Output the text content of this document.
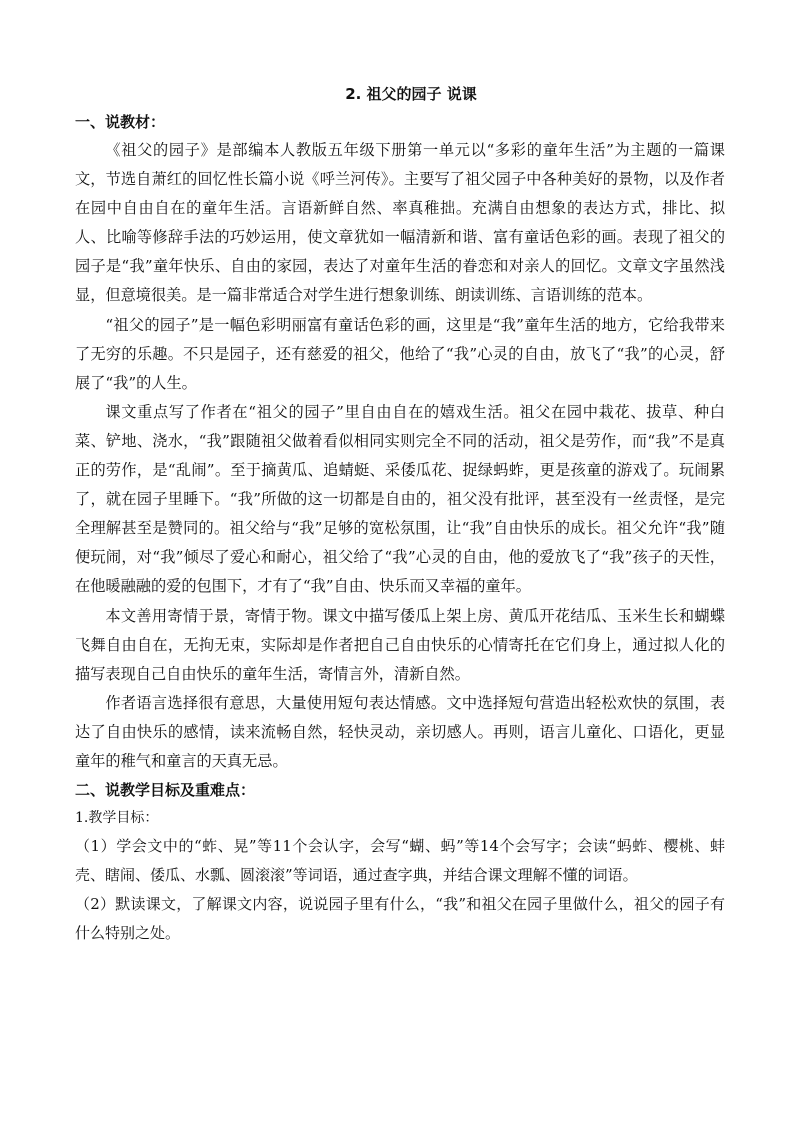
2. 祖父的园子 说课

一、说教材：

《祖父的园子》是部编本人教版五年级下册第一单元以“多彩的童年生活”为主题的一篇课文，节选自萧红的回忆性长篇小说《呼兰河传》。主要写了祖父园子中各种美好的景物，以及作者在园中自由自在的童年生活。言语新鲜自然、率真稚拙。充满自由想象的表达方式，排比、拟人、比喻等修辞手法的巧妙运用，使文章犹如一幅清新和谐、富有童话色彩的画。表现了祖父的园子是“我”童年快乐、自由的家园，表达了对童年生活的眷恋和对亲人的回忆。文章文字虽然浅显，但意境很美。是一篇非常适合对学生进行想象训练、朗读训练、言语训练的范本。

“祖父的园子”是一幅色彩明丽富有童话色彩的画，这里是“我”童年生活的地方，它给我带来了无穷的乐趣。不只是园子，还有慈爱的祖父，他给了“我”心灵的自由，放飞了“我”的心灵，舒展了“我”的人生。

课文重点写了作者在“祖父的园子”里自由自在的嬉戏生活。祖父在园中栽花、拔草、种白菜、铲地、浇水，“我”跟随祖父做着看似相同实则完全不同的活动，祖父是劳作，而“我”不是真正的劳作，是“乱闹”。至于摘黄瓜、追蜻蜓、采倭瓜花、捉绿蚂蚱，更是孩童的游戏了。玩闹累了，就在园子里睡下。“我”所做的这一切都是自由的，祖父没有批评，甚至没有一丝责怪，是完全理解甚至是赞同的。祖父给与“我”足够的宽松氛围，让“我”自由快乐的成长。祖父允许“我”随便玩闹，对“我”倾尽了爱心和耐心，祖父给了“我”心灵的自由，他的爱放飞了“我”孩子的天性，在他暖融融的爱的包围下，才有了“我”自由、快乐而又幸福的童年。

本文善用寄情于景，寄情于物。课文中描写倭瓜上架上房、黄瓜开花结瓜、玉米生长和蝴蝶飞舞自由自在，无拘无束，实际却是作者把自己自由快乐的心情寄托在它们身上，通过拟人化的描写表现自己自由快乐的童年生活，寄情言外，清新自然。

作者语言选择很有意思，大量使用短句表达情感。文中选择短句营造出轻松欢快的氛围，表达了自由快乐的感情，读来流畅自然，轻快灵动，亲切感人。再则，语言儿童化、口语化，更显童年的稚气和童言的天真无忌。

二、说教学目标及重难点：

1.教学目标：

（1）学会文中的“蚱、晃”等11个会认字，会写“蝴、蚂”等14个会写字；会读“蚂蚱、樱桃、蚌壳、瞎闹、倭瓜、水瓢、圆滚滚”等词语，通过查字典，并结合课文理解不懂的词语。

（2）默读课文，了解课文内容，说说园子里有什么，“我”和祖父在园子里做什么，祖父的园子有什么特别之处。
